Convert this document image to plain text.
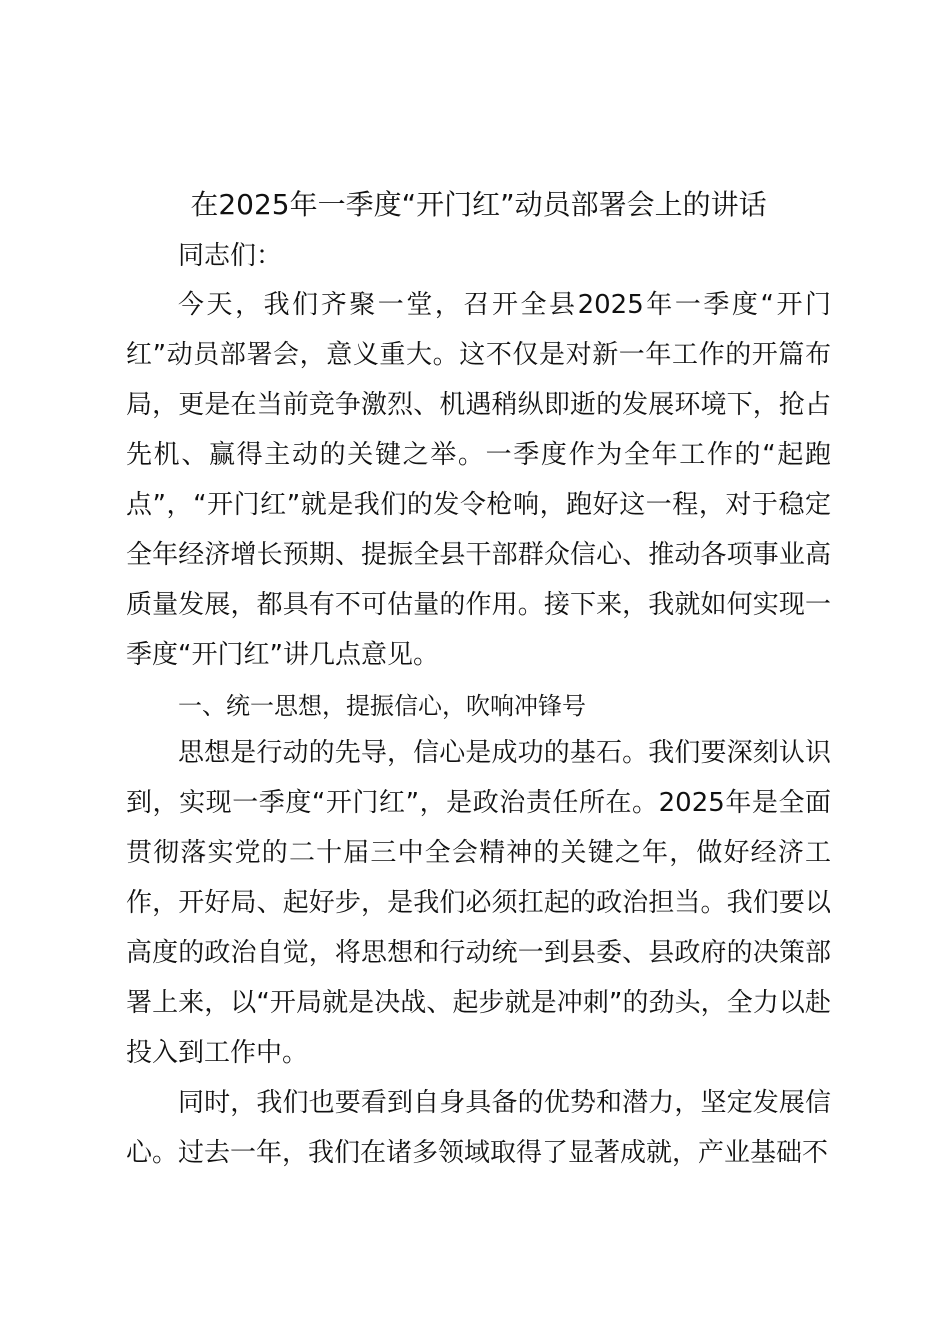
在2025年一季度“开门红”动员部署会上的讲话
同志们：

今天，我们齐聚一堂，召开全县2025年一季度“开门红”动员部署会，意义重大。这不仅是对新一年工作的开篇布局，更是在当前竞争激烈、机遇稍纵即逝的发展环境下，抢占先机、赢得主动的关键之举。一季度作为全年工作的“起跑点”，“开门红”就是我们的发令枪响，跑好这一程，对于稳定全年经济增长预期、提振全县干部群众信心、推动各项事业高质量发展，都具有不可估量的作用。接下来，我就如何实现一季度“开门红”讲几点意见。

一、统一思想，提振信心，吹响冲锋号

思想是行动的先导，信心是成功的基石。我们要深刻认识到，实现一季度“开门红”，是政治责任所在。2025年是全面贯彻落实党的二十届三中全会精神的关键之年，做好经济工作，开好局、起好步，是我们必须扛起的政治担当。我们要以高度的政治自觉，将思想和行动统一到县委、县政府的决策部署上来，以“开局就是决战、起步就是冲刺”的劲头，全力以赴投入到工作中。

同时，我们也要看到自身具备的优势和潜力，坚定发展信心。过去一年，我们在诸多领域取得了显著成就，产业基础不
